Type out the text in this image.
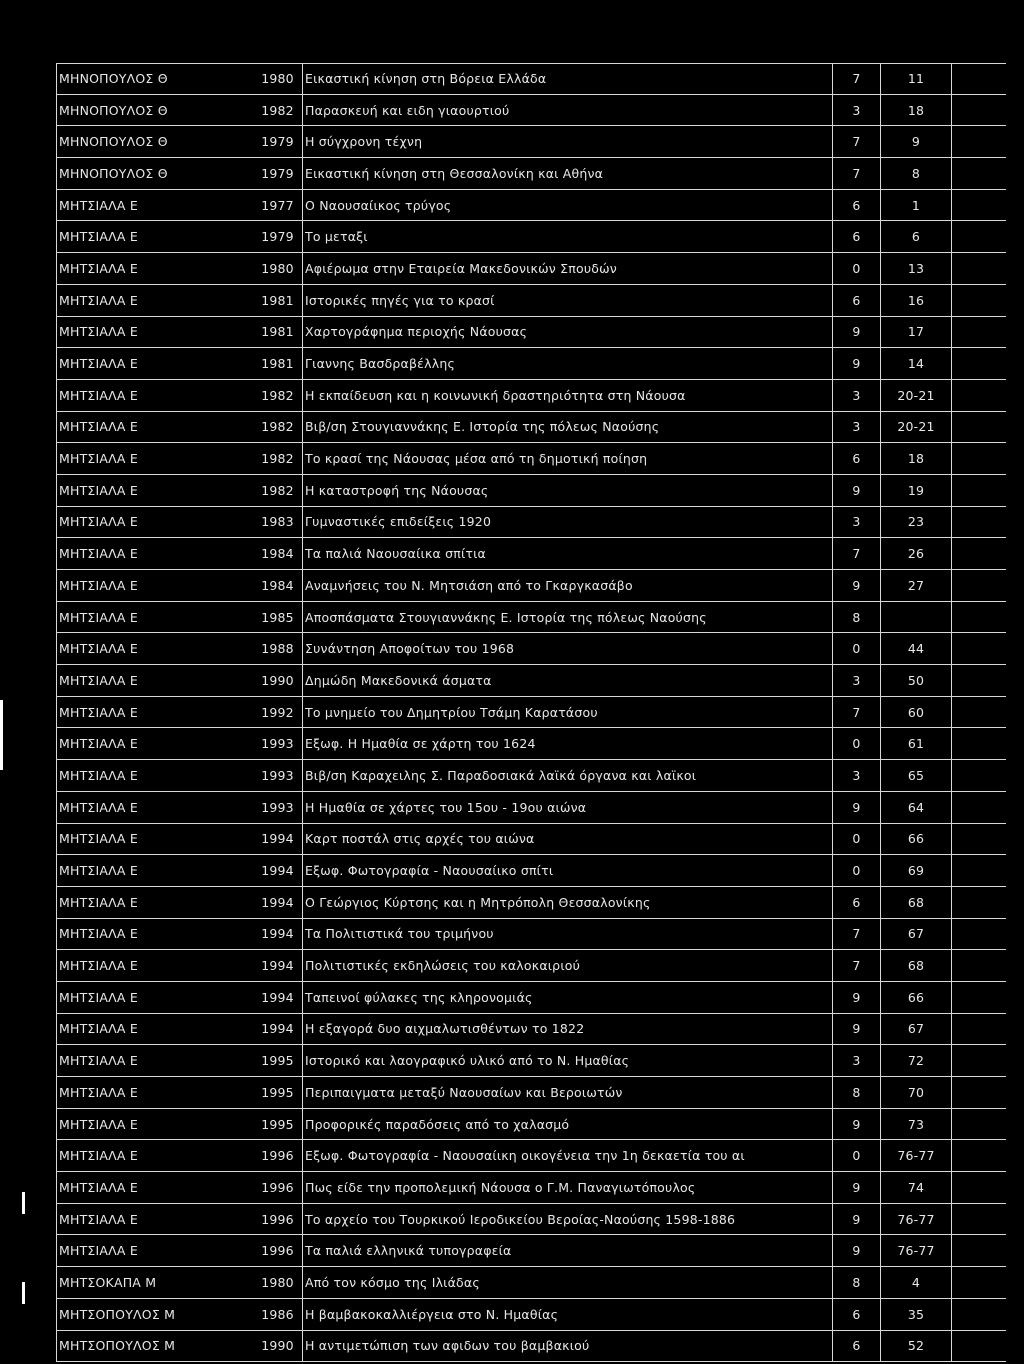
ΜΗΝΟΠΟΥΛΟΣ Θ	1980 Εικαστική κίνηση στη Βόρεια Ελλάδα	7	11
ΜΗΝΟΠΟΥΛΟΣ Θ	1982 Παρασκευή και ειδη γιαουρτιού	3	18
ΜΗΝΟΠΟΥΛΟΣ Θ	1979 Η σύγχρονη τέχνη	7	9
ΜΗΝΟΠΟΥΛΟΣ Θ	1979 Εικαστική κίνηση στη Θεσσαλονίκη και Αθήνα	7	8
ΜΗΤΣΙΑΛΑ Ε	1977 Ο Ναουσαίικος τρύγος	6	1
ΜΗΤΣΙΑΛΑ Ε	1979 Το μεταξι	6	6
ΜΗΤΣΙΑΛΑ Ε	1980 Αφιέρωμα στην Εταιρεία Μακεδονικών Σπουδών	0	13
ΜΗΤΣΙΑΛΑ Ε	1981 Ιστορικές πηγές για το κρασί	6	16
ΜΗΤΣΙΑΛΑ Ε	1981 Χαρτογράφημα περιοχής Νάουσας	9	17
ΜΗΤΣΙΑΛΑ Ε	1981 Γιαννης Βασδραβέλλης	9	14
ΜΗΤΣΙΑΛΑ Ε	1982 Η εκπαίδευση και η κοινωνική δραστηριότητα στη Νάουσα	3	20-21
ΜΗΤΣΙΑΛΑ Ε	1982 Βιβ/ση Στουγιαννάκης Ε. Ιστορία της πόλεως Ναούσης	3	20-21
ΜΗΤΣΙΑΛΑ Ε	1982 Το κρασί της Νάουσας μέσα από τη δημοτική ποίηση	6	18
ΜΗΤΣΙΑΛΑ Ε	1982 Η καταστροφή της Νάουσας	9	19
ΜΗΤΣΙΑΛΑ Ε	1983 Γυμναστικές επιδείξεις 1920	3	23
ΜΗΤΣΙΑΛΑ Ε	1984 Τα παλιά Ναουσαίικα σπίτια	7	26
ΜΗΤΣΙΑΛΑ Ε	1984 Αναμνήσεις του Ν. Μητσιάση από το Γκαργκασάβο	9	27
ΜΗΤΣΙΑΛΑ Ε	1985 Αποσπάσματα Στουγιαννάκης Ε. Ιστορία της πόλεως Ναούσης	8
ΜΗΤΣΙΑΛΑ Ε	1988 Συνάντηση Αποφοίτων του 1968	0	44
ΜΗΤΣΙΑΛΑ Ε	1990 Δημώδη Μακεδονικά άσματα	3	50
ΜΗΤΣΙΑΛΑ Ε	1992 Το μνημείο του Δημητρίου Τσάμη Καρατάσου	7	60
ΜΗΤΣΙΑΛΑ Ε	1993 Εξωφ. Η Ημαθία σε χάρτη του 1624	0	61
ΜΗΤΣΙΑΛΑ Ε	1993 Βιβ/ση Καραχειλης Σ. Παραδοσιακά λαϊκά όργανα και λαϊκοι	3	65
ΜΗΤΣΙΑΛΑ Ε	1993 Η Ημαθία σε χάρτες του 15ου - 19ου αιώνα	9	64
ΜΗΤΣΙΑΛΑ Ε	1994 Καρτ ποστάλ στις αρχές του αιώνα	0	66
ΜΗΤΣΙΑΛΑ Ε	1994 Εξωφ. Φωτογραφία - Ναουσαίικο σπίτι	0	69
ΜΗΤΣΙΑΛΑ Ε	1994 Ο Γεώργιος Κύρτσης και η Μητρόπολη Θεσσαλονίκης	6	68
ΜΗΤΣΙΑΛΑ Ε	1994 Τα Πολιτιστικά του τριμήνου	7	67
ΜΗΤΣΙΑΛΑ Ε	1994 Πολιτιστικές εκδηλώσεις του καλοκαιριού	7	68
ΜΗΤΣΙΑΛΑ Ε	1994 Ταπεινοί φύλακες της κληρονομιάς	9	66
ΜΗΤΣΙΑΛΑ Ε	1994 Η εξαγορά δυο αιχμαλωτισθέντων το 1822	9	67
ΜΗΤΣΙΑΛΑ Ε	1995 Ιστορικό και λαογραφικό υλικό από το Ν. Ημαθίας	3	72
ΜΗΤΣΙΑΛΑ Ε	1995 Περιπαιγματα μεταξύ Ναουσαίων και Βεροιωτών	8	70
ΜΗΤΣΙΑΛΑ Ε	1995 Προφορικές παραδόσεις από το χαλασμό	9	73
ΜΗΤΣΙΑΛΑ Ε	1996 Εξωφ. Φωτογραφία - Ναουσαίικη οικογένεια την 1η δεκαετία του αι	0	76-77
ΜΗΤΣΙΑΛΑ Ε	1996 Πως είδε την προπολεμική Νάουσα ο Γ.Μ. Παναγιωτόπουλος	9	74
ΜΗΤΣΙΑΛΑ Ε	1996 Το αρχείο του Τουρκικού Ιεροδικείου Βεροίας-Ναούσης 1598-1886	9	76-77
ΜΗΤΣΙΑΛΑ Ε	1996 Τα παλιά ελληνικά τυπογραφεία	9	76-77
ΜΗΤΣΟΚΑΠΑ Μ	1980 Από τον κόσμο της Ιλιάδας	8	4
ΜΗΤΣΟΠΟΥΛΟΣ Μ	1986 Η βαμβακοκαλλιέργεια στο Ν. Ημαθίας	6	35
ΜΗΤΣΟΠΟΥΛΟΣ Μ	1990 Η αντιμετώπιση των αφιδων του βαμβακιού	6	52
